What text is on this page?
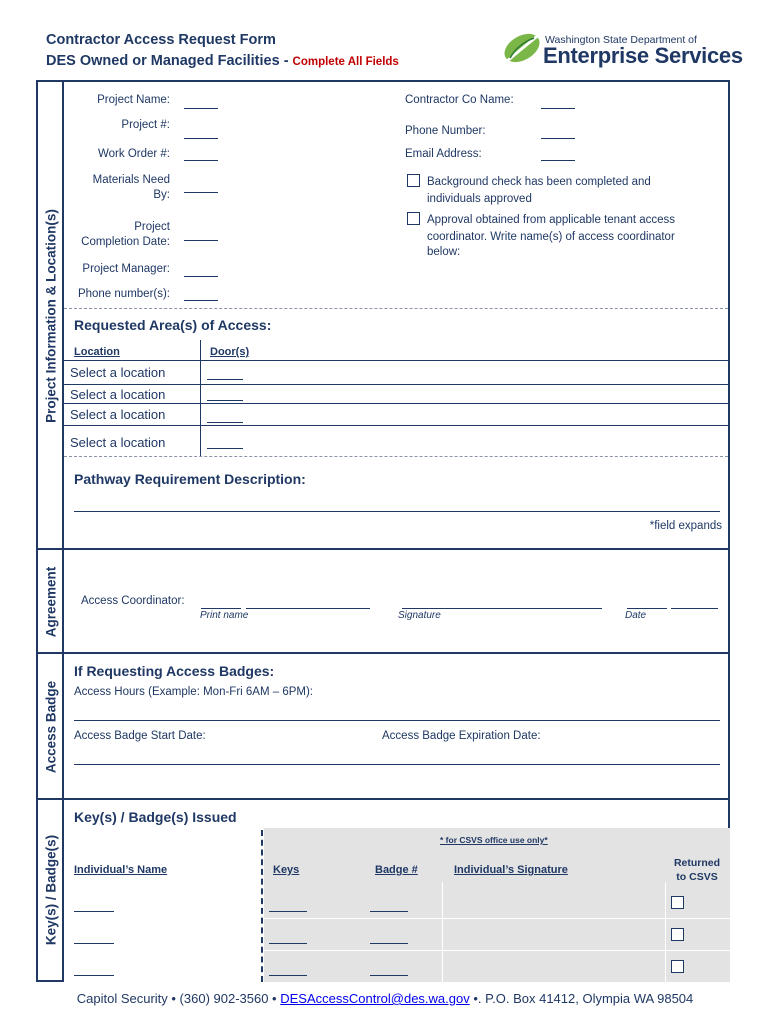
Contractor Access Request Form
DES Owned or Managed Facilities - Complete All Fields
Washington State Department of
Enterprise Services
Project Information & Location(s)
Project Name:
Project #:
Work Order #:
Materials Need
By:
Project
Completion Date:
Project Manager:
Phone number(s):
Contractor Co Name:
Phone Number:
Email Address:
Background check has been completed and
individuals approved
Approval obtained from applicable tenant access
coordinator. Write name(s) of access coordinator
below:
Requested Area(s) of Access:
Location	Door(s)
Select a location
Select a location
Select a location
Select a location
Pathway Requirement Description:
*field expands
Agreement Access Coordinator:
Print name	Signature	Date
Access Badge
If Requesting Access Badges:
Access Hours (Example: Mon-Fri 6AM – 6PM):
Access Badge Start Date:	Access Badge Expiration Date:
Key(s) / Badge(s)
Key(s) / Badge(s) Issued
* for CSVS office use only*
Individual’s Name	Keys	Badge #	Individual’s Signature
Returned
to CSVS
Capitol Security • (360) 902-3560 • DESAccessControl@des.wa.gov •. P.O. Box 41412, Olympia WA 98504
